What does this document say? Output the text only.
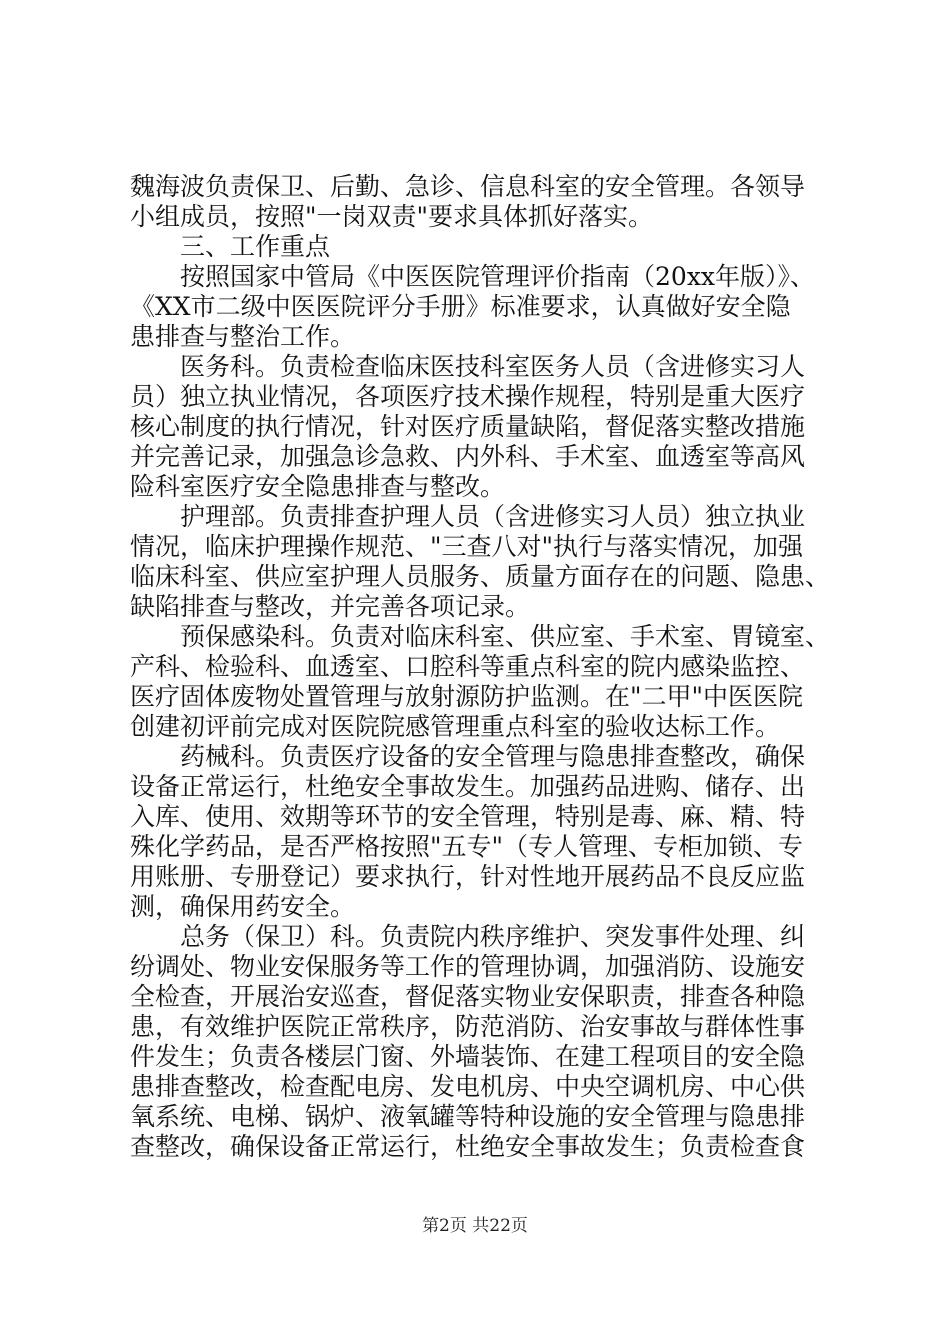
魏海波负责保卫、后勤、急诊、信息科室的安全管理。各领导
小组成员，按照"一岗双责"要求具体抓好落实。
三、工作重点
按照国家中管局《中医医院管理评价指南（20xx年版）》、
《XX市二级中医医院评分手册》标准要求，认真做好安全隐
患排查与整治工作。
医务科。负责检查临床医技科室医务人员（含进修实习人
员）独立执业情况，各项医疗技术操作规程，特别是重大医疗
核心制度的执行情况，针对医疗质量缺陷，督促落实整改措施
并完善记录，加强急诊急救、内外科、手术室、血透室等高风
险科室医疗安全隐患排查与整改。
护理部。负责排查护理人员（含进修实习人员）独立执业
情况，临床护理操作规范、"三查八对"执行与落实情况，加强
临床科室、供应室护理人员服务、质量方面存在的问题、隐患、
缺陷排查与整改，并完善各项记录。
预保感染科。负责对临床科室、供应室、手术室、胃镜室、
产科、检验科、血透室、口腔科等重点科室的院内感染监控、
医疗固体废物处置管理与放射源防护监测。在"二甲"中医医院
创建初评前完成对医院院感管理重点科室的验收达标工作。
药械科。负责医疗设备的安全管理与隐患排查整改，确保
设备正常运行，杜绝安全事故发生。加强药品进购、储存、出
入库、使用、效期等环节的安全管理，特别是毒、麻、精、特
殊化学药品，是否严格按照"五专"（专人管理、专柜加锁、专
用账册、专册登记）要求执行，针对性地开展药品不良反应监
测，确保用药安全。
总务（保卫）科。负责院内秩序维护、突发事件处理、纠
纷调处、物业安保服务等工作的管理协调，加强消防、设施安
全检查，开展治安巡查，督促落实物业安保职责，排查各种隐
患，有效维护医院正常秩序，防范消防、治安事故与群体性事
件发生；负责各楼层门窗、外墙装饰、在建工程项目的安全隐
患排查整改，检查配电房、发电机房、中央空调机房、中心供
氧系统、电梯、锅炉、液氧罐等特种设施的安全管理与隐患排
查整改，确保设备正常运行，杜绝安全事故发生；负责检查食
第2页 共22页
